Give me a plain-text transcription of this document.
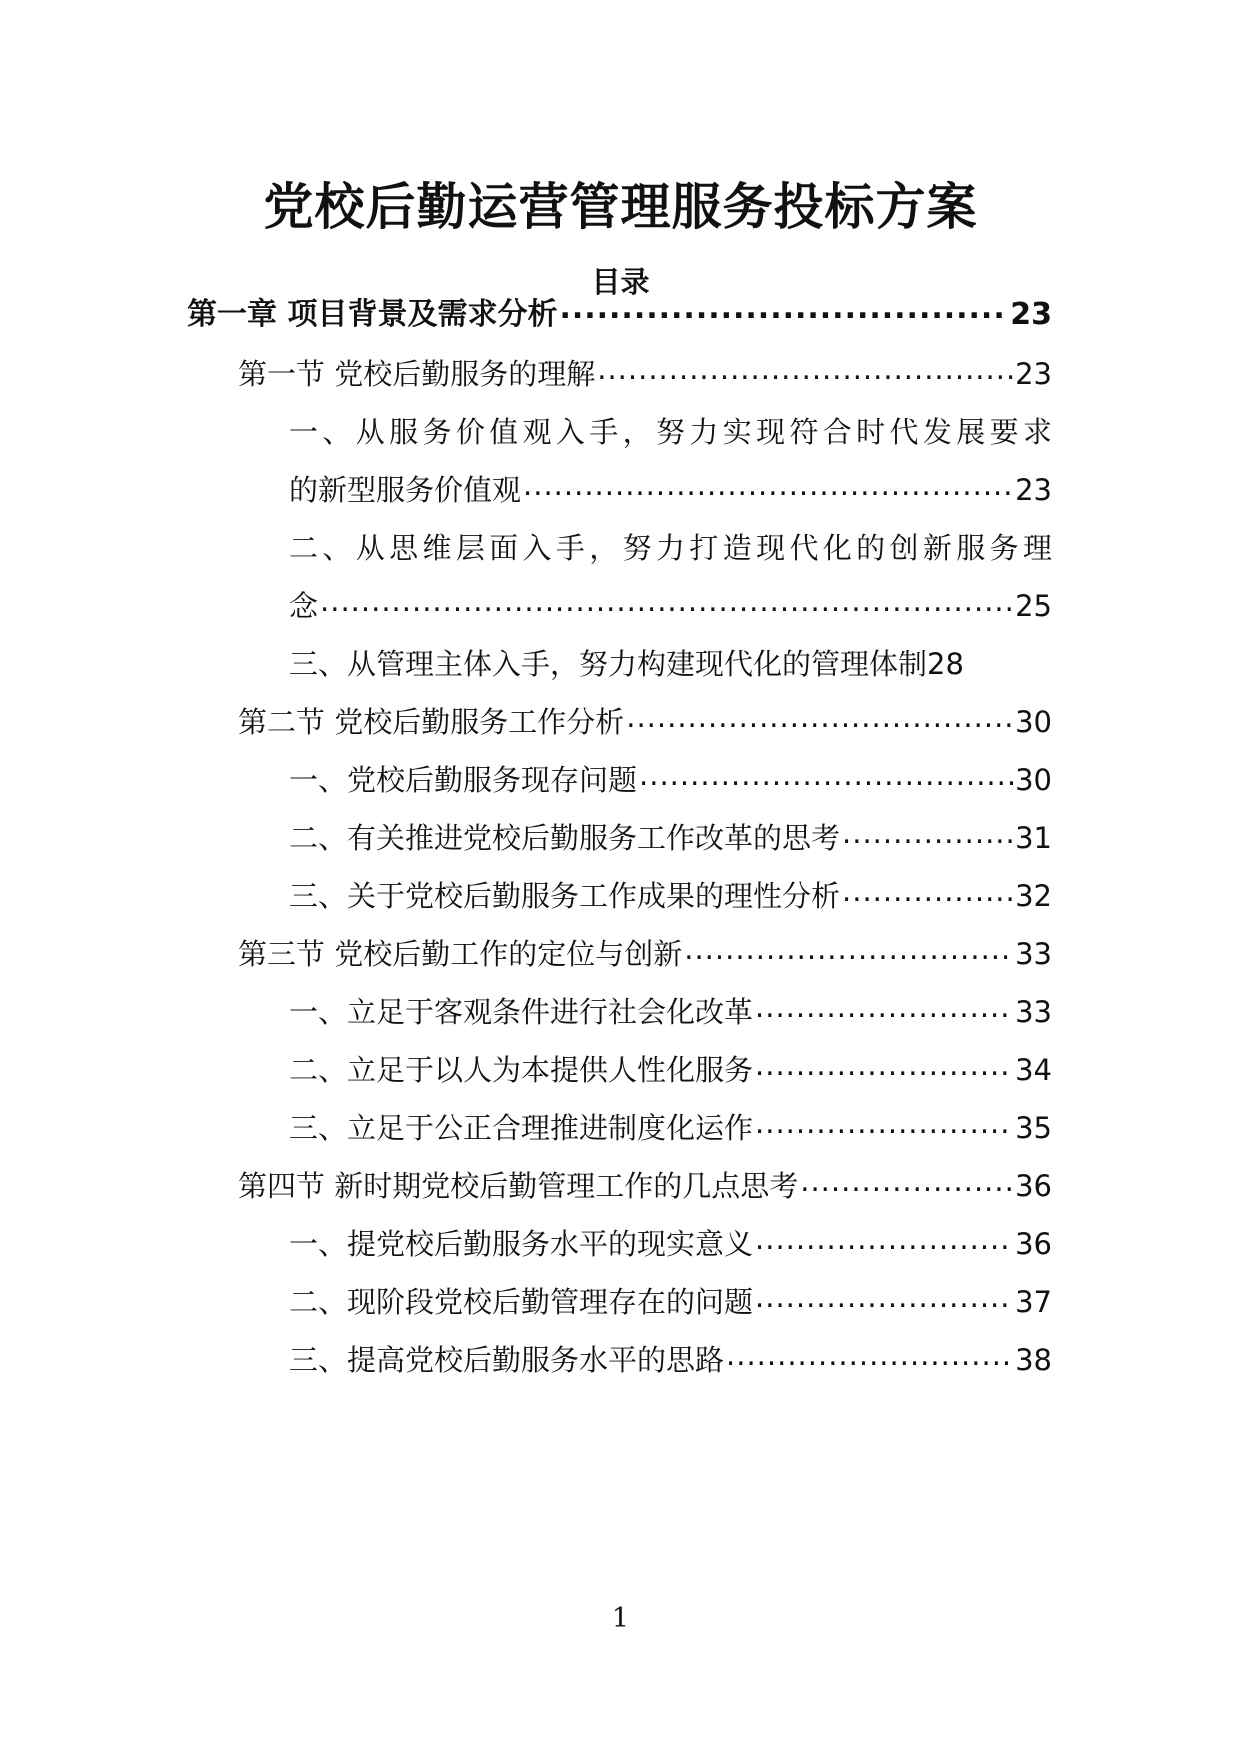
党校后勤运营管理服务投标方案
目录
第一章 项目背景及需求分析 .....	23
第一节 党校后勤服务的理解 .....	23
一、从服务价值观入手，努力实现符合时代发展要求
的新型服务价值观 .....	23
二、从思维层面入手，努力打造现代化的创新服务理
念 .....	25
三、从管理主体入手，努力构建现代化的管理体制 28
第二节 党校后勤服务工作分析 .....	30
一、党校后勤服务现存问题 .....	30
二、有关推进党校后勤服务工作改革的思考 .....	31
三、关于党校后勤服务工作成果的理性分析 .....	32
第三节 党校后勤工作的定位与创新 .....	33
一、立足于客观条件进行社会化改革 .....	33
二、立足于以人为本提供人性化服务 .....	34
三、立足于公正合理推进制度化运作 .....	35
第四节 新时期党校后勤管理工作的几点思考 .....	36
一、提党校后勤服务水平的现实意义 .....	36
二、现阶段党校后勤管理存在的问题 .....	37
三、提高党校后勤服务水平的思路 .....	38
1
